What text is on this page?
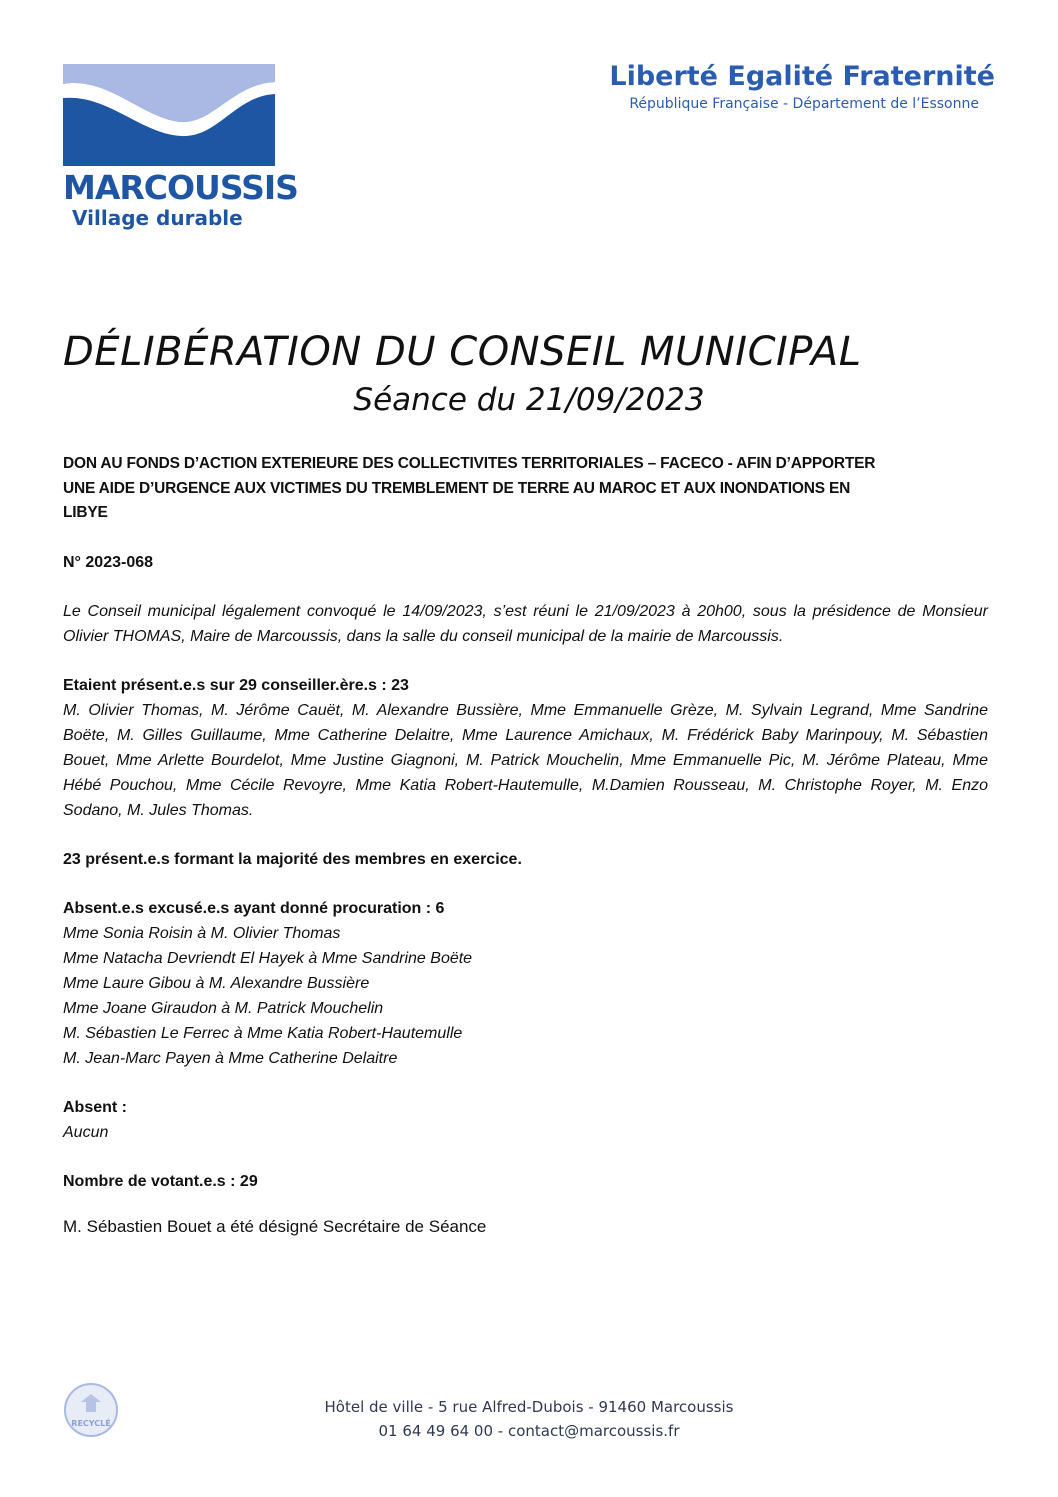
MARCOUSSIS
Village durable
Liberté Egalité Fraternité
République Française - Département de l’Essonne
DÉLIBÉRATION DU CONSEIL MUNICIPAL
Séance du 21/09/2023
DON AU FONDS D’ACTION EXTERIEURE DES COLLECTIVITES TERRITORIALES – FACECO - AFIN D’APPORTER
UNE AIDE D’URGENCE AUX VICTIMES DU TREMBLEMENT DE TERRE AU MAROC ET AUX INONDATIONS EN
LIBYE
N° 2023-068
Le Conseil municipal légalement convoqué le 14/09/2023, s’est réuni le 21/09/2023 à 20h00, sous la présidence de Monsieur Olivier THOMAS, Maire de Marcoussis, dans la salle du conseil municipal de la mairie de Marcoussis.
Etaient présent.e.s sur 29 conseiller.ère.s : 23
M. Olivier Thomas, M. Jérôme Cauët, M. Alexandre Bussière, Mme Emmanuelle Grèze, M. Sylvain Legrand, Mme Sandrine Boëte, M. Gilles Guillaume, Mme Catherine Delaitre, Mme Laurence Amichaux, M. Frédérick Baby Marinpouy, M. Sébastien Bouet, Mme Arlette Bourdelot, Mme Justine Giagnoni, M. Patrick Mouchelin, Mme Emmanuelle Pic, M. Jérôme Plateau, Mme Hébé Pouchou, Mme Cécile Revoyre, Mme Katia Robert-Hautemulle, M.Damien Rousseau, M. Christophe Royer, M. Enzo Sodano, M. Jules Thomas.
23 présent.e.s formant la majorité des membres en exercice.
Absent.e.s excusé.e.s ayant donné procuration : 6
Mme Sonia Roisin à M. Olivier Thomas
Mme Natacha Devriendt El Hayek à Mme Sandrine Boëte
Mme Laure Gibou à M. Alexandre Bussière
Mme Joane Giraudon à M. Patrick Mouchelin
M. Sébastien Le Ferrec à Mme Katia Robert-Hautemulle
M. Jean-Marc Payen à Mme Catherine Delaitre
Absent :
Aucun
Nombre de votant.e.s : 29
M. Sébastien Bouet a été désigné Secrétaire de Séance
RECYCLÉ
Hôtel de ville - 5 rue Alfred-Dubois - 91460 Marcoussis
01 64 49 64 00 - contact@marcoussis.fr
